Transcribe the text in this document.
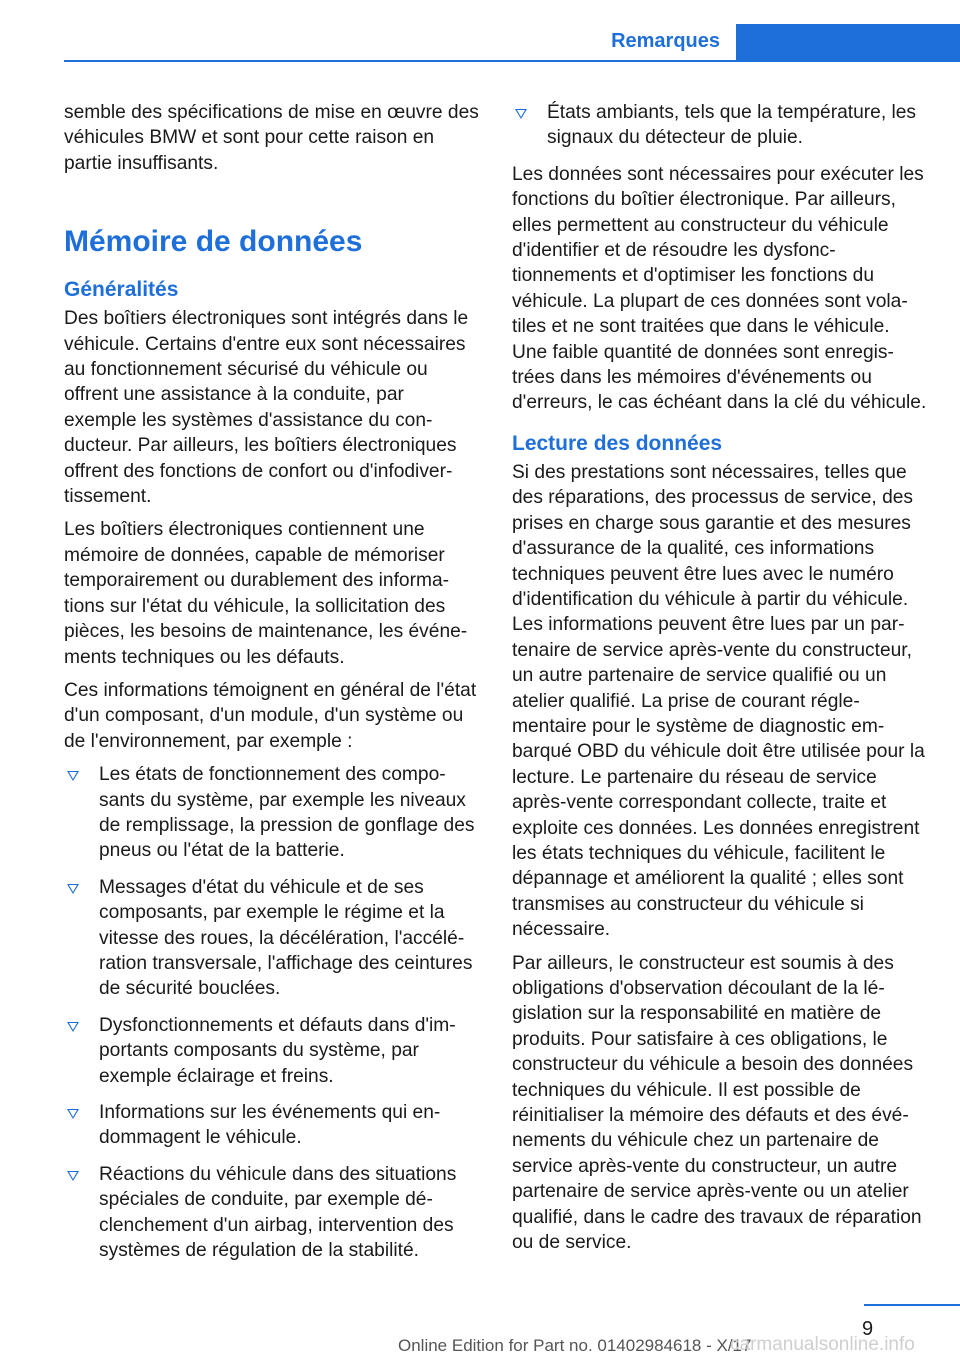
Remarques

semble des spécifications de mise en œuvre des véhicules BMW et sont pour cette raison en partie insuffisants.

Mémoire de données
Généralités

Des boîtiers électroniques sont intégrés dans le véhicule. Certains d'entre eux sont nécessaires au fonctionnement sécurisé du véhicule ou offrent une assistance à la conduite, par exemple les systèmes d'assistance du conducteur. Par ailleurs, les boîtiers électroniques offrent des fonctions de confort ou d'infodivertissement.

Les boîtiers électroniques contiennent une mémoire de données, capable de mémoriser temporairement ou durablement des informations sur l'état du véhicule, la sollicitation des pièces, les besoins de maintenance, les événements techniques ou les défauts.

Ces informations témoignent en général de l'état d'un composant, d'un module, d'un système ou de l'environnement, par exemple :

Les états de fonctionnement des composants du système, par exemple les niveaux de remplissage, la pression de gonflage des pneus ou l'état de la batterie.
Messages d'état du véhicule et de ses composants, par exemple le régime et la vitesse des roues, la décélération, l'accélération transversale, l'affichage des ceintures de sécurité bouclées.
Dysfonctionnements et défauts dans d'importants composants du système, par exemple éclairage et freins.
Informations sur les événements qui endommagent le véhicule.
Réactions du véhicule dans des situations spéciales de conduite, par exemple déclenchement d'un airbag, intervention des systèmes de régulation de la stabilité.
États ambiants, tels que la température, les signaux du détecteur de pluie.

Les données sont nécessaires pour exécuter les fonctions du boîtier électronique. Par ailleurs, elles permettent au constructeur du véhicule d'identifier et de résoudre les dysfonctionnements et d'optimiser les fonctions du véhicule. La plupart de ces données sont volatiles et ne sont traitées que dans le véhicule. Une faible quantité de données sont enregistrées dans les mémoires d'événements ou d'erreurs, le cas échéant dans la clé du véhicule.

Lecture des données

Si des prestations sont nécessaires, telles que des réparations, des processus de service, des prises en charge sous garantie et des mesures d'assurance de la qualité, ces informations techniques peuvent être lues avec le numéro d'identification du véhicule à partir du véhicule. Les informations peuvent être lues par un partenaire de service après-vente du constructeur, un autre partenaire de service qualifié ou un atelier qualifié. La prise de courant réglementaire pour le système de diagnostic embarqué OBD du véhicule doit être utilisée pour la lecture. Le partenaire du réseau de service après-vente correspondant collecte, traite et exploite ces données. Les données enregistrent les états techniques du véhicule, facilitent le dépannage et améliorent la qualité ; elles sont transmises au constructeur du véhicule si nécessaire.

Par ailleurs, le constructeur est soumis à des obligations d'observation découlant de la législation sur la responsabilité en matière de produits. Pour satisfaire à ces obligations, le constructeur du véhicule a besoin des données techniques du véhicule. Il est possible de réinitialiser la mémoire des défauts et des événements du véhicule chez un partenaire de service après-vente du constructeur, un autre partenaire de service après-vente ou un atelier qualifié, dans le cadre des travaux de réparation ou de service.

9
Online Edition for Part no. 01402984618 - X/17
carmanualsonline.info
